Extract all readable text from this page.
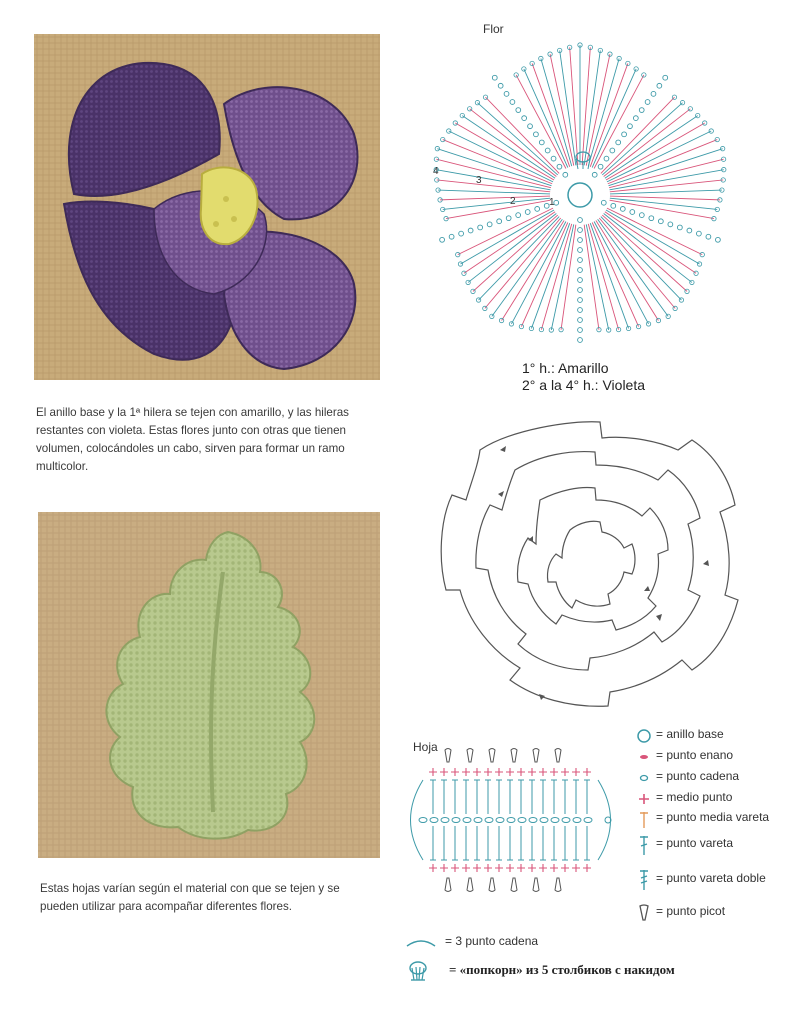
El anillo base y la 1ª hilera se tejen con amarillo, y las hileras
restantes con violeta. Estas flores junto con otras que tienen
volumen, colocándoles un cabo, sirven para formar un ramo
multicolor.
Estas hojas varían según el material con que se tejen y se
pueden utilizar para acompañar diferentes flores.
Flor
1
2
3
4
1° h.: Amarillo
2° a la 4° h.: Violeta
Hoja
= anillo base
= punto enano
= punto cadena
= medio punto
= punto media vareta
= punto vareta
= punto vareta doble
= punto picot
= 3 punto cadena
= «попкорн» из 5 столбиков с накидом
